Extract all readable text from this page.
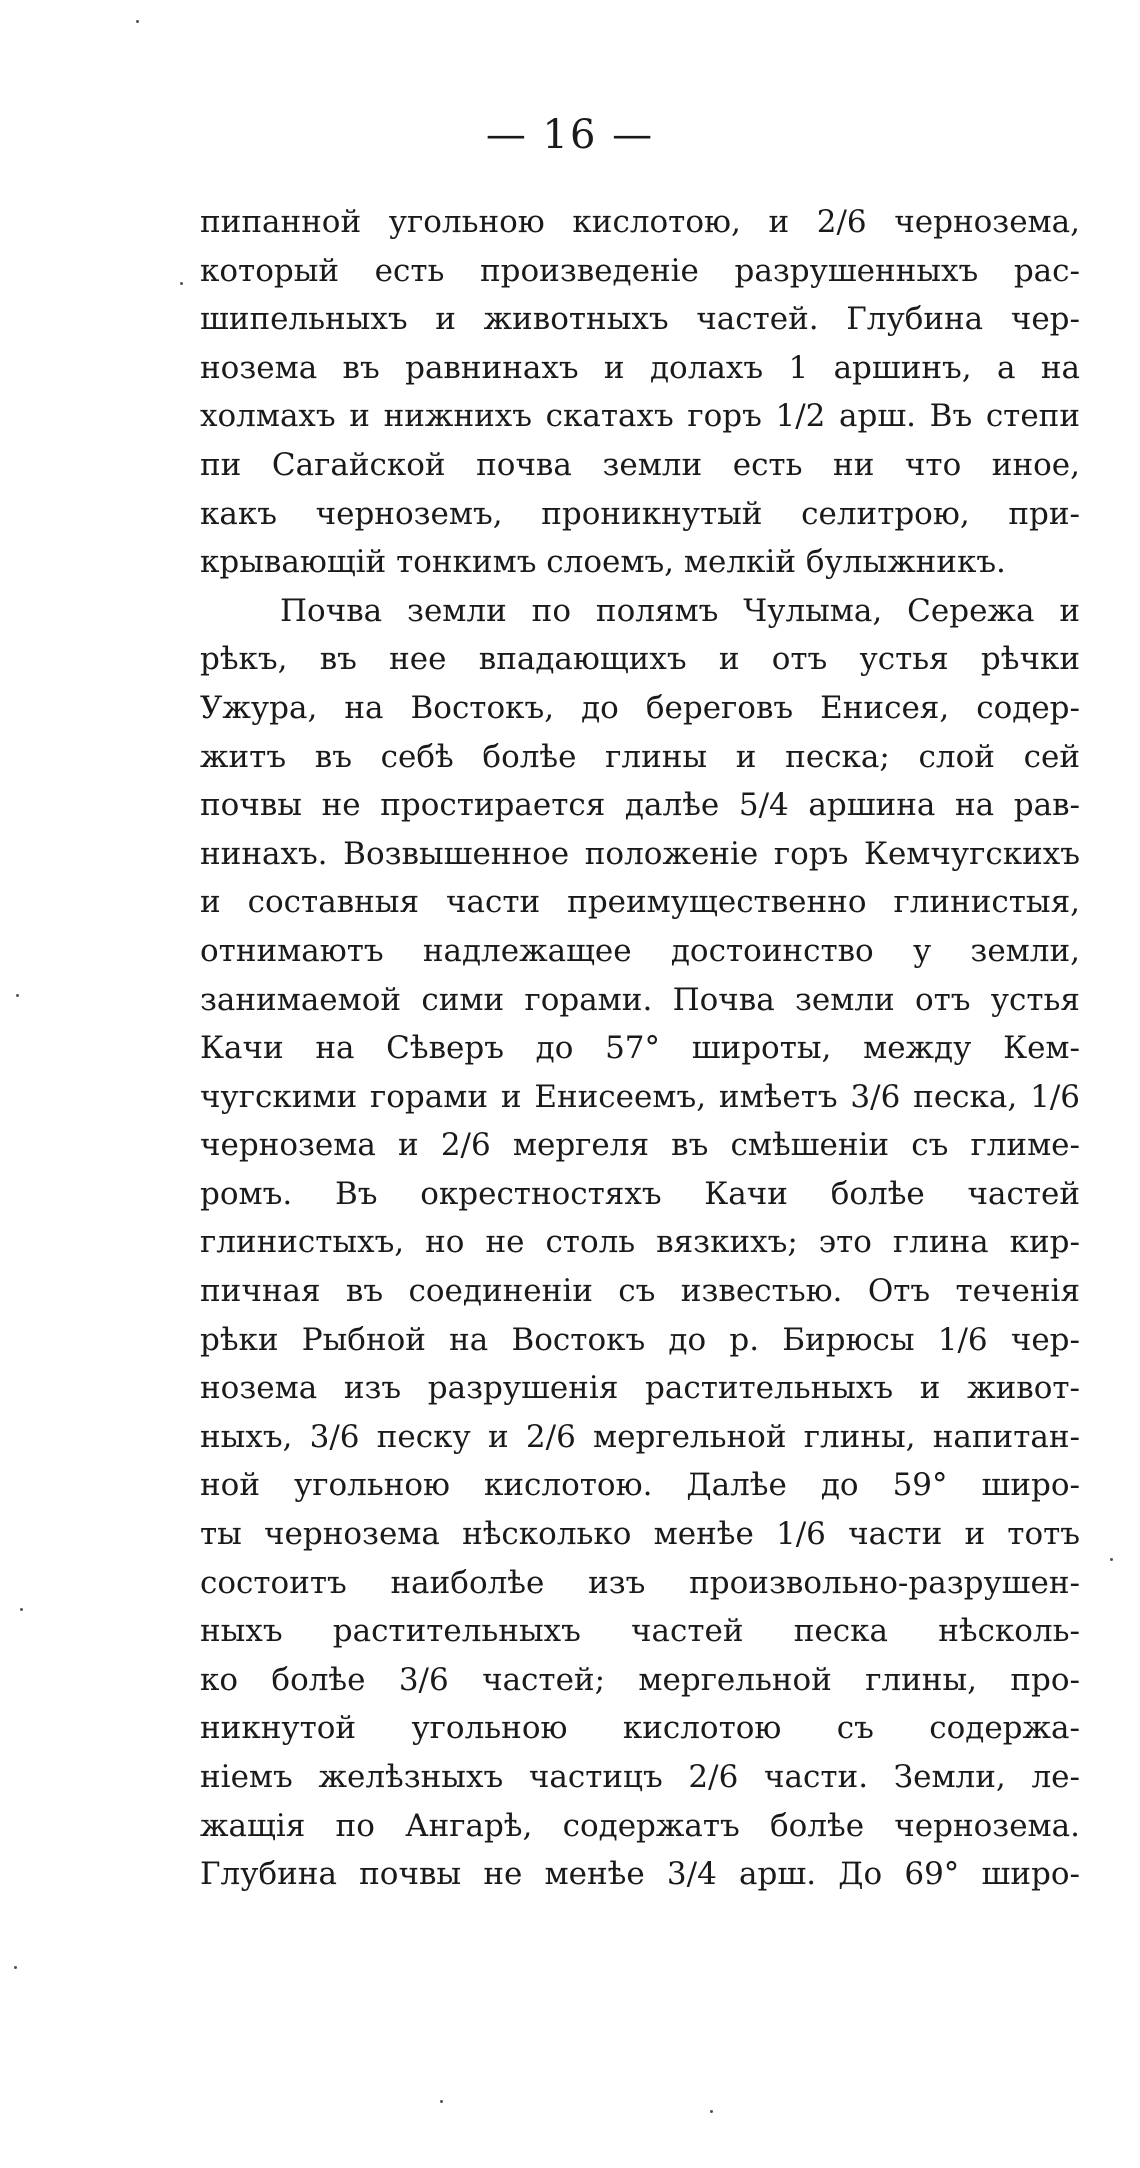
— 16 —
пипанной угольною кислотою, и 2/6 чернозема,
который есть произведеніе разрушенныхъ рас-
шипельныхъ и животныхъ частей. Глубина чер-
нозема въ равнинахъ и долахъ 1 аршинъ, а на
холмахъ и нижнихъ скатахъ горъ 1/2 арш. Въ степи
пи Сагайской почва земли есть ни что иное,
какъ черноземъ, проникнутый селитрою, при-
крывающій тонкимъ слоемъ, мелкій булыжникъ.
Почва земли по полямъ Чулыма, Сережа и
рѣкъ, въ нее впадающихъ и отъ устья рѣчки
Ужура, на Востокъ, до береговъ Енисея, содер-
житъ въ себѣ болѣе глины и песка; слой сей
почвы не простирается далѣе 5/4 аршина на рав-
нинахъ. Возвышенное положеніе горъ Кемчугскихъ
и составныя части преимущественно глинистыя,
отнимаютъ надлежащее достоинство у земли,
занимаемой сими горами. Почва земли отъ устья
Качи на Сѣверъ до 57° широты, между Кем-
чугскими горами и Енисеемъ, имѣетъ 3/6 песка, 1/6
чернозема и 2/6 мергеля въ смѣшеніи съ глиме-
ромъ. Въ окрестностяхъ Качи болѣе частей
глинистыхъ, но не столь вязкихъ; это глина кир-
пичная въ соединеніи съ известью. Отъ теченія
рѣки Рыбной на Востокъ до р. Бирюсы 1/6 чер-
нозема изъ разрушенія растительныхъ и живот-
ныхъ, 3/6 песку и 2/6 мергельной глины, напитан-
ной угольною кислотою. Далѣе до 59° широ-
ты чернозема нѣсколько менѣе 1/6 части и тотъ
состоитъ наиболѣе изъ произвольно-разрушен-
ныхъ растительныхъ частей песка нѣсколь-
ко болѣе 3/6 частей; мергельной глины, про-
никнутой угольною кислотою съ содержа-
ніемъ желѣзныхъ частицъ 2/6 части. Земли, ле-
жащія по Ангарѣ, содержатъ болѣе чернозема.
Глубина почвы не менѣе 3/4 арш. До 69° широ-
